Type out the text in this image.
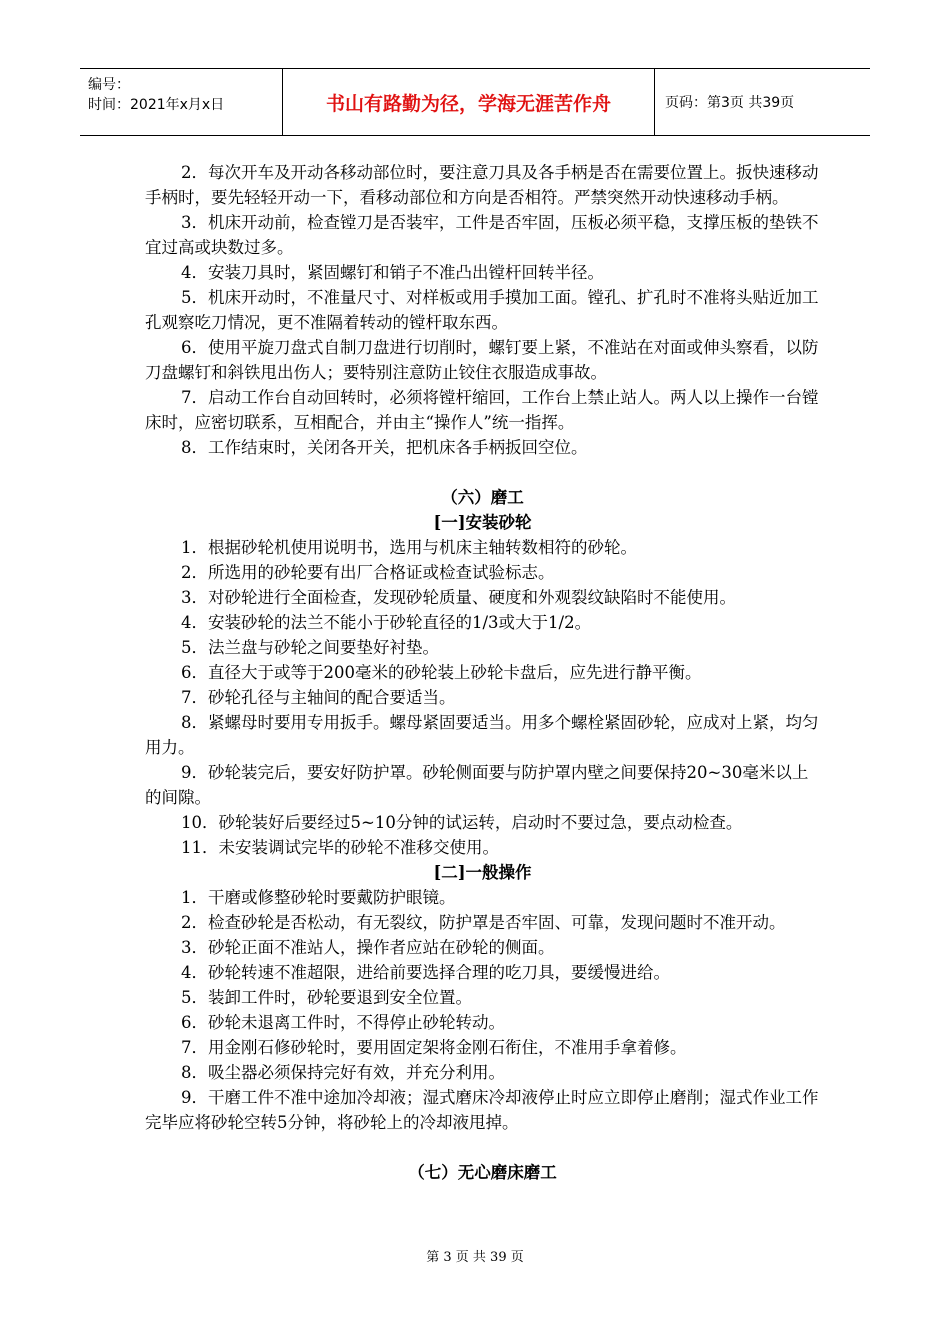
编号：
时间：2021年x月x日	书山有路勤为径，学海无涯苦作舟	页码：第3页 共39页

2．每次开车及开动各移动部位时，要注意刀具及各手柄是否在需要位置上。扳快速移动手柄时，要先轻轻开动一下，看移动部位和方向是否相符。严禁突然开动快速移动手柄。

3．机床开动前，检查镗刀是否装牢，工件是否牢固，压板必须平稳，支撑压板的垫铁不宜过高或块数过多。

4．安装刀具时，紧固螺钉和销子不准凸出镗杆回转半径。

5．机床开动时，不准量尺寸、对样板或用手摸加工面。镗孔、扩孔时不准将头贴近加工孔观察吃刀情况，更不准隔着转动的镗杆取东西。

6．使用平旋刀盘式自制刀盘进行切削时，螺钉要上紧，不准站在对面或伸头察看，以防刀盘螺钉和斜铁甩出伤人；要特别注意防止铰住衣服造成事故。

7．启动工作台自动回转时，必须将镗杆缩回，工作台上禁止站人。两人以上操作一台镗床时，应密切联系，互相配合，并由主“操作人”统一指挥。

8．工作结束时，关闭各开关，把机床各手柄扳回空位。

（六）磨工

[一]安装砂轮

1．根据砂轮机使用说明书，选用与机床主轴转数相符的砂轮。

2．所选用的砂轮要有出厂合格证或检查试验标志。

3．对砂轮进行全面检查，发现砂轮质量、硬度和外观裂纹缺陷时不能使用。

4．安装砂轮的法兰不能小于砂轮直径的1/3或大于1/2。

5．法兰盘与砂轮之间要垫好衬垫。

6．直径大于或等于200毫米的砂轮装上砂轮卡盘后，应先进行静平衡。

7．砂轮孔径与主轴间的配合要适当。

8．紧螺母时要用专用扳手。螺母紧固要适当。用多个螺栓紧固砂轮，应成对上紧，均匀用力。

9．砂轮装完后，要安好防护罩。砂轮侧面要与防护罩内壁之间要保持20~30毫米以上的间隙。

10．砂轮装好后要经过5~10分钟的试运转，启动时不要过急，要点动检查。

11．未安装调试完毕的砂轮不准移交使用。

[二]一般操作

1．干磨或修整砂轮时要戴防护眼镜。

2．检查砂轮是否松动，有无裂纹，防护罩是否牢固、可靠，发现问题时不准开动。

3．砂轮正面不准站人，操作者应站在砂轮的侧面。

4．砂轮转速不准超限，进给前要选择合理的吃刀具，要缓慢进给。

5．装卸工件时，砂轮要退到安全位置。

6．砂轮未退离工件时，不得停止砂轮转动。

7．用金刚石修砂轮时，要用固定架将金刚石衔住，不准用手拿着修。

8．吸尘器必须保持完好有效，并充分利用。

9．干磨工件不准中途加冷却液；湿式磨床冷却液停止时应立即停止磨削；湿式作业工作完毕应将砂轮空转5分钟，将砂轮上的冷却液甩掉。

（七）无心磨床磨工

第 3 页 共 39 页
